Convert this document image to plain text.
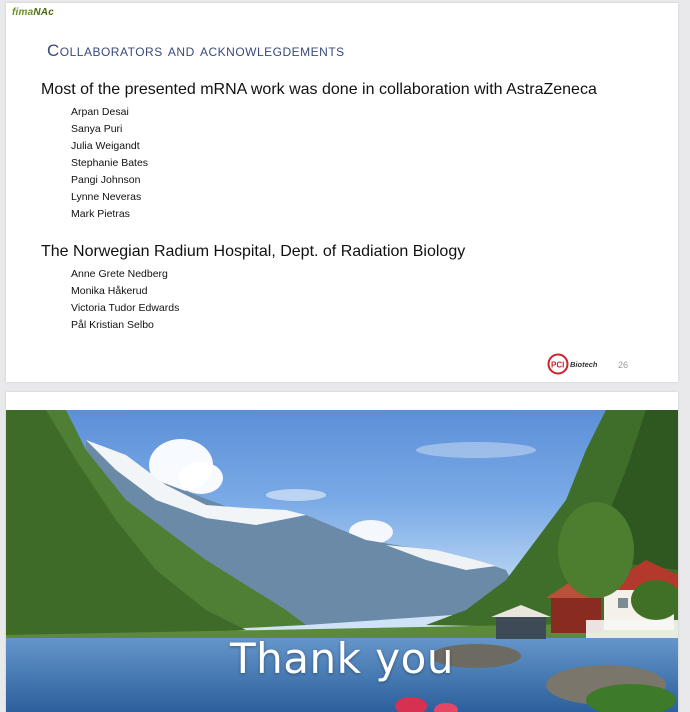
fimaNAc
Collaborators and acknowlegdements
Most of the presented mRNA work was done in collaboration with AstraZeneca
Arpan Desai
Sanya Puri
Julia Weigandt
Stephanie Bates
Pangi Johnson
Lynne Neveras
Mark Pietras
The Norwegian Radium Hospital, Dept. of Radiation Biology
Anne Grete Nedberg
Monika Håkerud
Victoria Tudor Edwards
Pål Kristian Selbo
PCI Biotech 26
Thank you
